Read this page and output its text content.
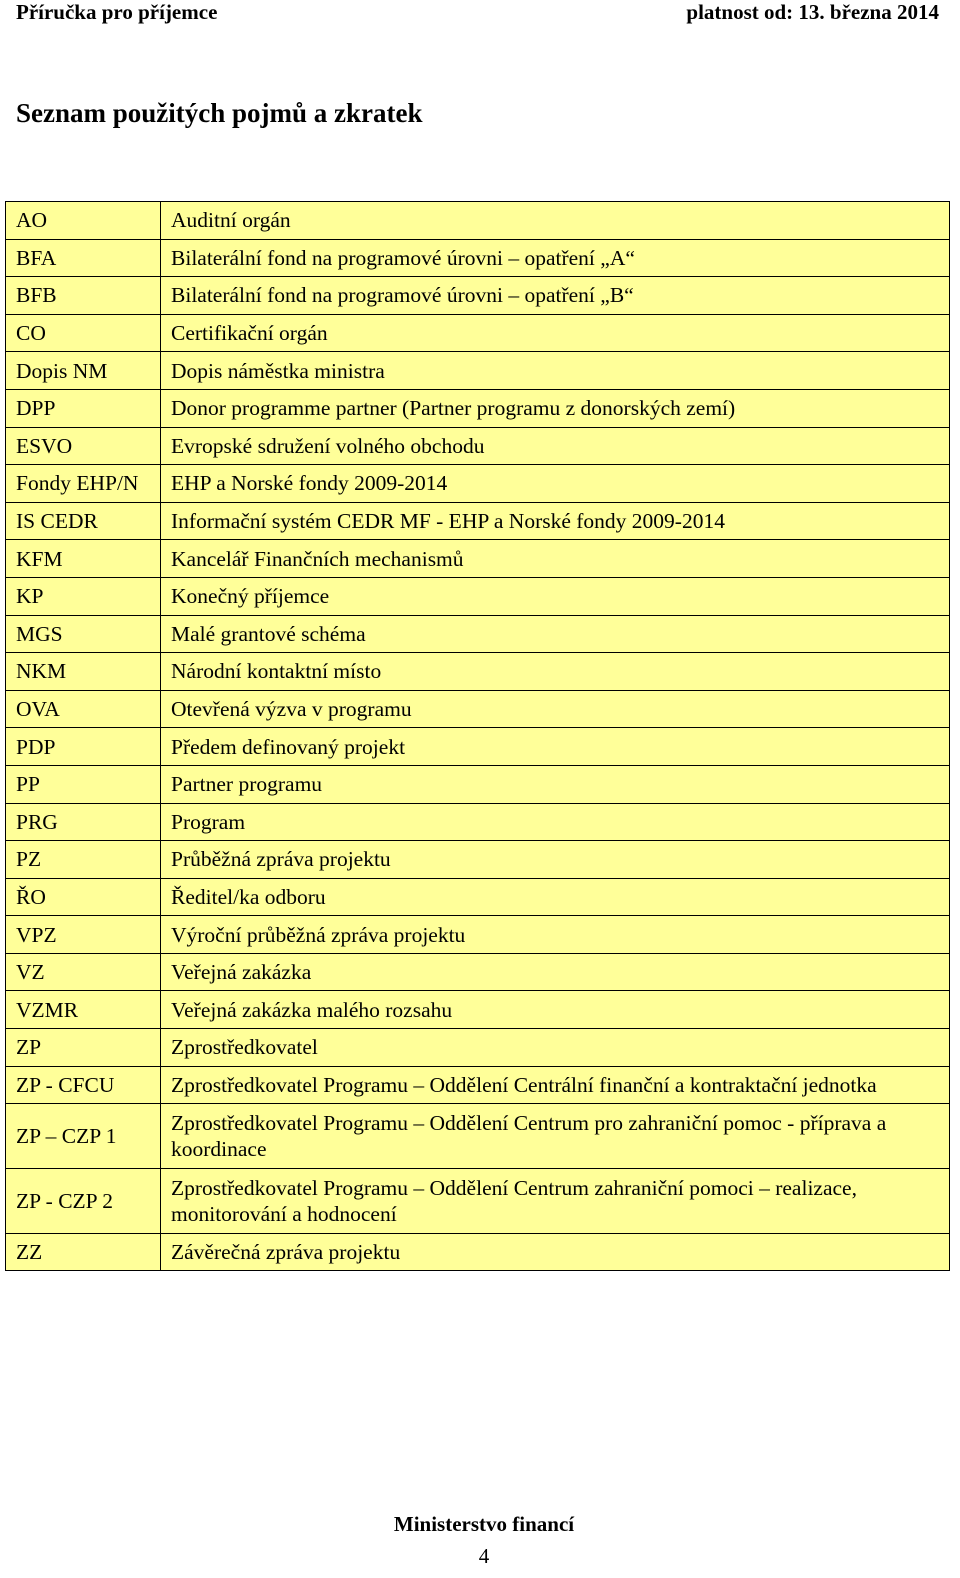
Příručka pro příjemce	platnost od: 13. března 2014
Seznam použitých pojmů a zkratek
AO	Auditní orgán
BFA	Bilaterální fond na programové úrovni – opatření „A“
BFB	Bilaterální fond na programové úrovni – opatření „B“
CO	Certifikační orgán
Dopis NM	Dopis náměstka ministra
DPP	Donor programme partner (Partner programu z donorských zemí)
ESVO	Evropské sdružení volného obchodu
Fondy EHP/N	EHP a Norské fondy 2009-2014
IS CEDR	Informační systém CEDR MF - EHP a Norské fondy 2009-2014
KFM	Kancelář Finančních mechanismů
KP	Konečný příjemce
MGS	Malé grantové schéma
NKM	Národní kontaktní místo
OVA	Otevřená výzva v programu
PDP	Předem definovaný projekt
PP	Partner programu
PRG	Program
PZ	Průběžná zpráva projektu
ŘO	Ředitel/ka odboru
VPZ	Výroční průběžná zpráva projektu
VZ	Veřejná zakázka
VZMR	Veřejná zakázka malého rozsahu
ZP	Zprostředkovatel
ZP - CFCU	Zprostředkovatel Programu – Oddělení Centrální finanční a kontraktační jednotka
ZP – CZP 1	Zprostředkovatel Programu – Oddělení Centrum pro zahraniční pomoc - příprava a koordinace
ZP - CZP 2	Zprostředkovatel Programu – Oddělení Centrum zahraniční pomoci – realizace, monitorování a hodnocení
ZZ	Závěrečná zpráva projektu
Ministerstvo financí
4
